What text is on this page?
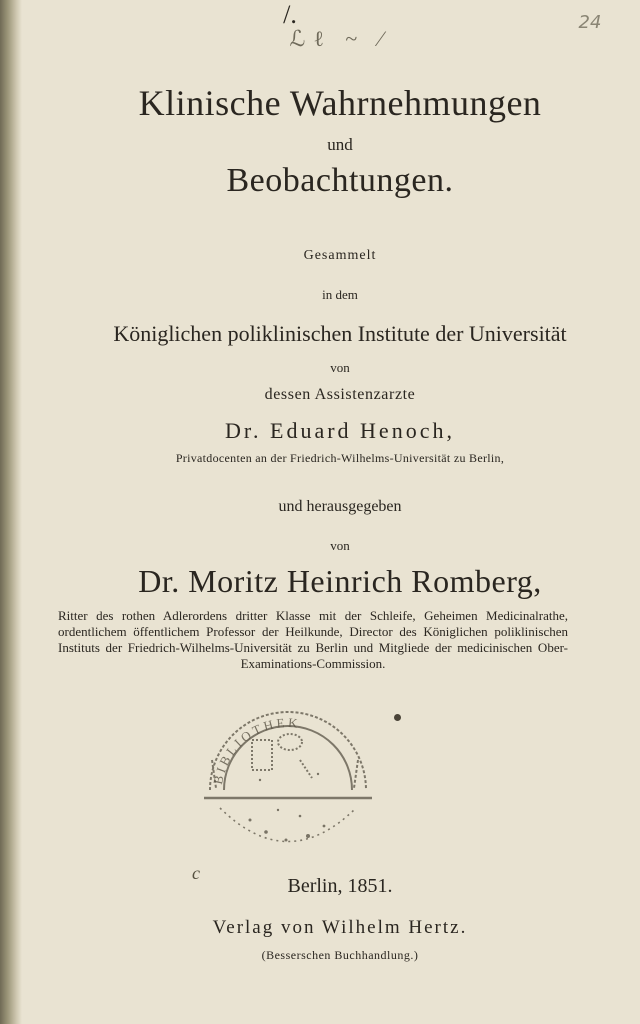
/.
ℒℓ ~ ⁄
24
Klinische Wahrnehmungen
und
Beobachtungen.
Gesammelt
in dem
Königlichen poliklinischen Institute der Universität
von
dessen Assistenzarzte
Dr. Eduard Henoch,
Privatdocenten an der Friedrich-Wilhelms-Universität zu Berlin,
und herausgegeben
von
Dr. Moritz Heinrich Romberg,
Ritter des rothen Adlerordens dritter Klasse mit der Schleife, Geheimen Medicinalrathe, ordentlichem öffentlichem Professor der Heilkunde, Director des Königlichen poliklinischen Instituts der Friedrich-Wilhelms-Universität zu Berlin und Mitgliede der medicinischen Ober-Examinations-Commission.
BIBLIOTHEK
c
Berlin, 1851.
Verlag von Wilhelm Hertz.
(Besserschen Buchhandlung.)
